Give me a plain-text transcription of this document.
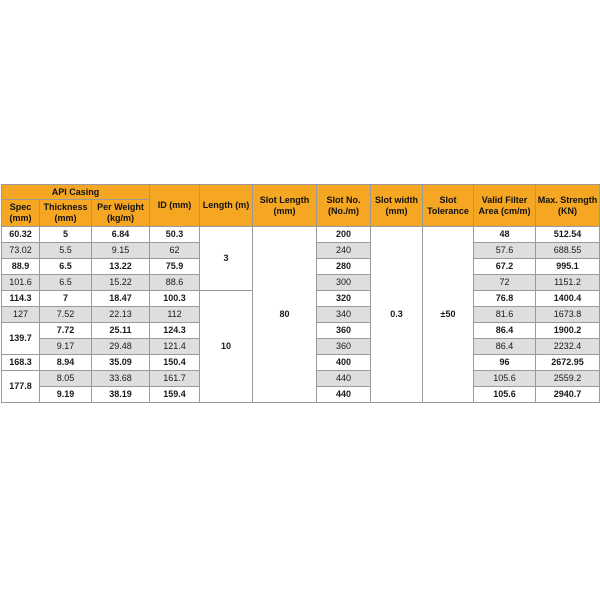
API Casing			ID (mm)	Length (m)	Slot Length (mm)	Slot No. (No./m)	Slot width (mm)	Slot Tolerance	Valid Filter Area (cm/m)	Max. Strength (KN)
Spec (mm)	Thickness (mm)	Per Weight (kg/m)								
60.32	5	6.84	50.3	3	80	200	0.3	±50	48	512.54
73.02	5.5	9.15	62			240			57.6	688.55
88.9	6.5	13.22	75.9			280			67.2	995.1
101.6	6.5	15.22	88.6			300			72	1151.2
114.3	7	18.47	100.3	10		320			76.8	1400.4
127	7.52	22.13	112			340			81.6	1673.8
139.7	7.72	25.11	124.3			360			86.4	1900.2
	9.17	29.48	121.4			360			86.4	2232.4
168.3	8.94	35.09	150.4			400			96	2672.95
177.8	8.05	33.68	161.7			440			105.6	2559.2
	9.19	38.19	159.4			440			105.6	2940.7
